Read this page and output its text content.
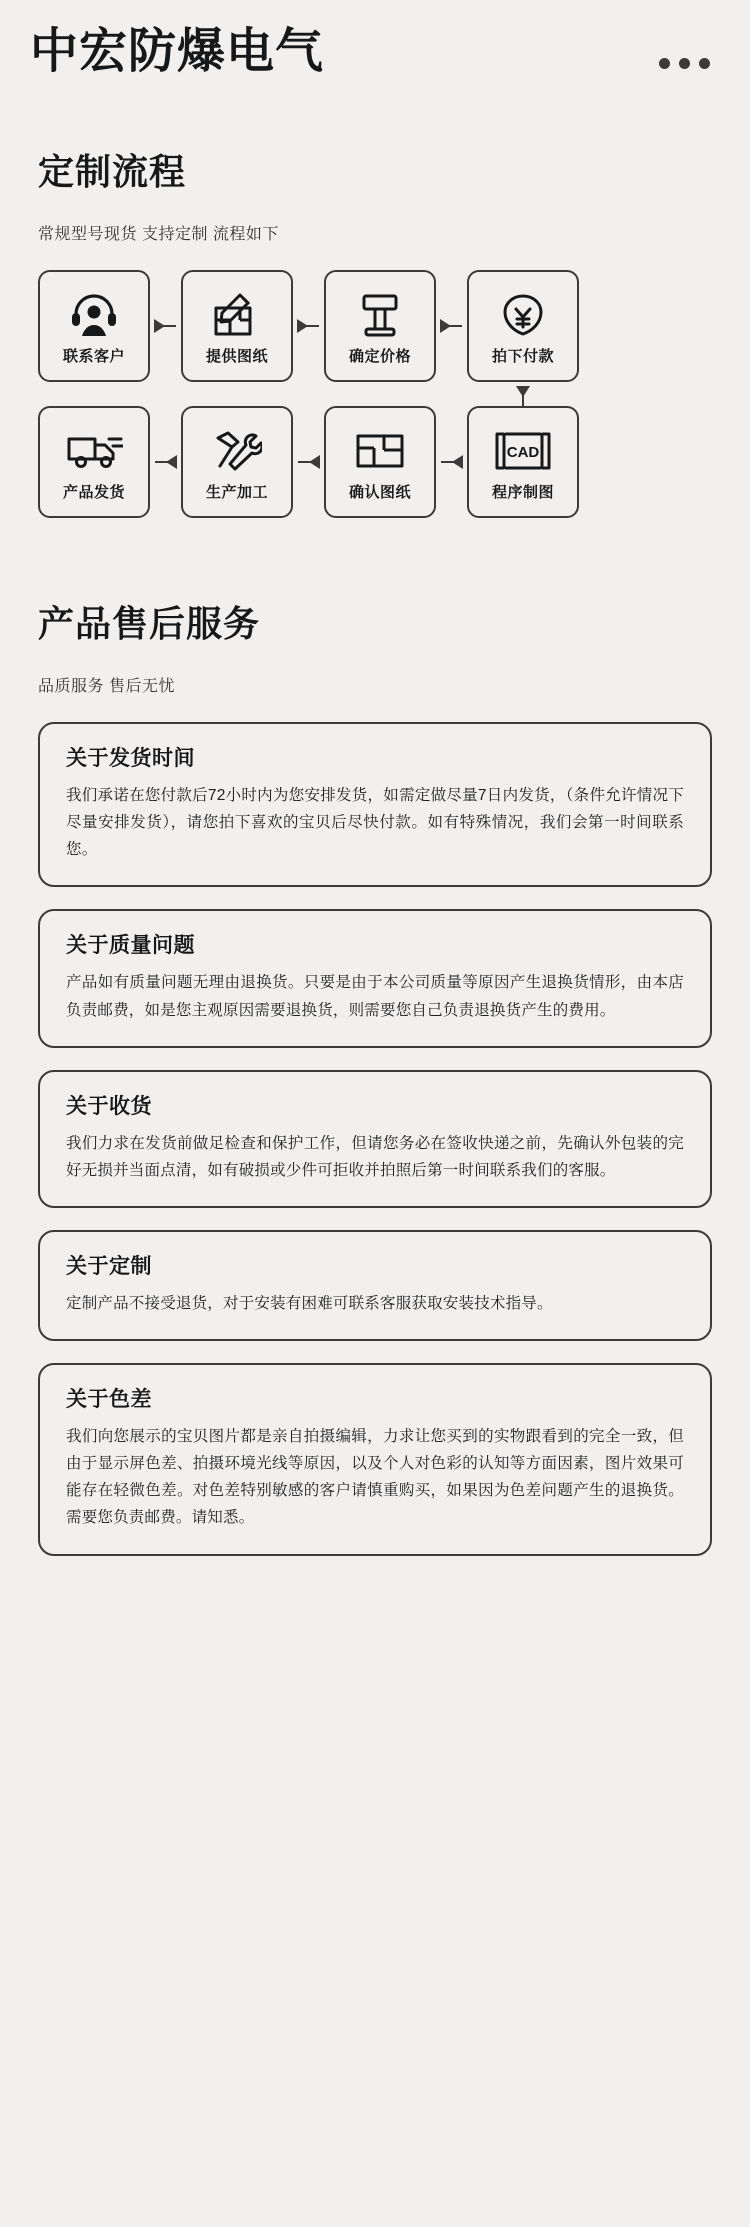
中宏防爆电气
定制流程
常规型号现货 支持定制 流程如下
联系客户	提供图纸	确定价格	拍下付款
产品发货	生产加工	确认图纸
CAD
程序制图
产品售后服务
品质服务 售后无忧
关于发货时间
我们承诺在您付款后72小时内为您安排发货，如需定做尽量7日内发货，（条件允许情况下尽量安排发货），请您拍下喜欢的宝贝后尽快付款。如有特殊情况，我们会第一时间联系您。
关于质量问题
产品如有质量问题无理由退换货。只要是由于本公司质量等原因产生退换货情形，由本店负责邮费，如是您主观原因需要退换货，则需要您自己负责退换货产生的费用。
关于收货
我们力求在发货前做足检查和保护工作，但请您务必在签收快递之前，先确认外包装的完好无损并当面点清，如有破损或少件可拒收并拍照后第一时间联系我们的客服。
关于定制
定制产品不接受退货，对于安装有困难可联系客服获取安装技术指导。
关于色差
我们向您展示的宝贝图片都是亲自拍摄编辑，力求让您买到的实物跟看到的完全一致，但由于显示屏色差、拍摄环境光线等原因，以及个人对色彩的认知等方面因素，图片效果可能存在轻微色差。对色差特别敏感的客户请慎重购买，如果因为色差问题产生的退换货。需要您负责邮费。请知悉。
